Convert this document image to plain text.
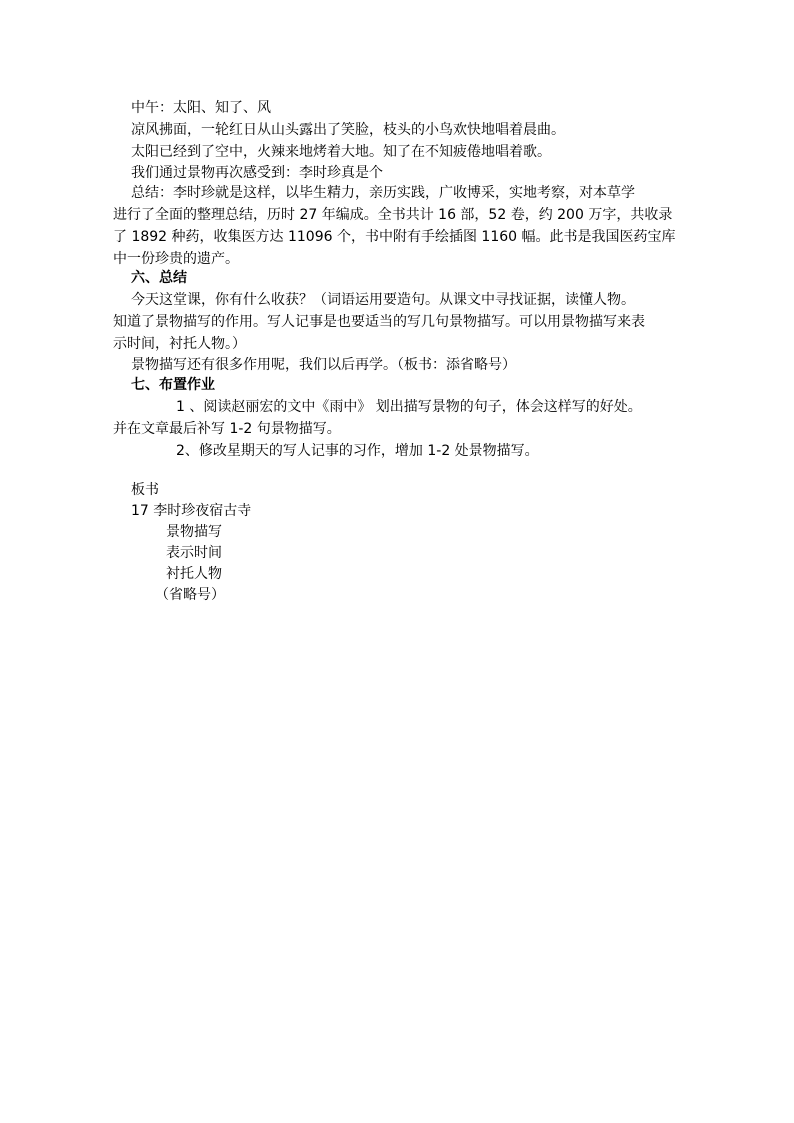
中午：太阳、知了、风
凉风拂面，一轮红日从山头露出了笑脸，枝头的小鸟欢快地唱着晨曲。
太阳已经到了空中，火辣来地烤着大地。知了在不知疲倦地唱着歌。
我们通过景物再次感受到：李时珍真是个
总结：李时珍就是这样，以毕生精力，亲历实践，广收博采，实地考察，对本草学
进行了全面的整理总结，历时 27 年编成。全书共计 16 部，52 卷，约 200 万字，共收录
了 1892 种药，收集医方达 11096 个，书中附有手绘插图 1160 幅。此书是我国医药宝库
中一份珍贵的遗产。
六、总结
今天这堂课，你有什么收获？（词语运用要造句。从课文中寻找证据，读懂人物。
知道了景物描写的作用。写人记事是也要适当的写几句景物描写。可以用景物描写来表
示时间，衬托人物。）
景物描写还有很多作用呢，我们以后再学。（板书：添省略号）
七、布置作业
1 、阅读赵丽宏的文中《雨中》 划出描写景物的句子，体会这样写的好处。
并在文章最后补写 1-2 句景物描写。
2、修改星期天的写人记事的习作，增加 1-2 处景物描写。
板书
17 李时珍夜宿古寺
景物描写
表示时间
衬托人物
（省略号）
